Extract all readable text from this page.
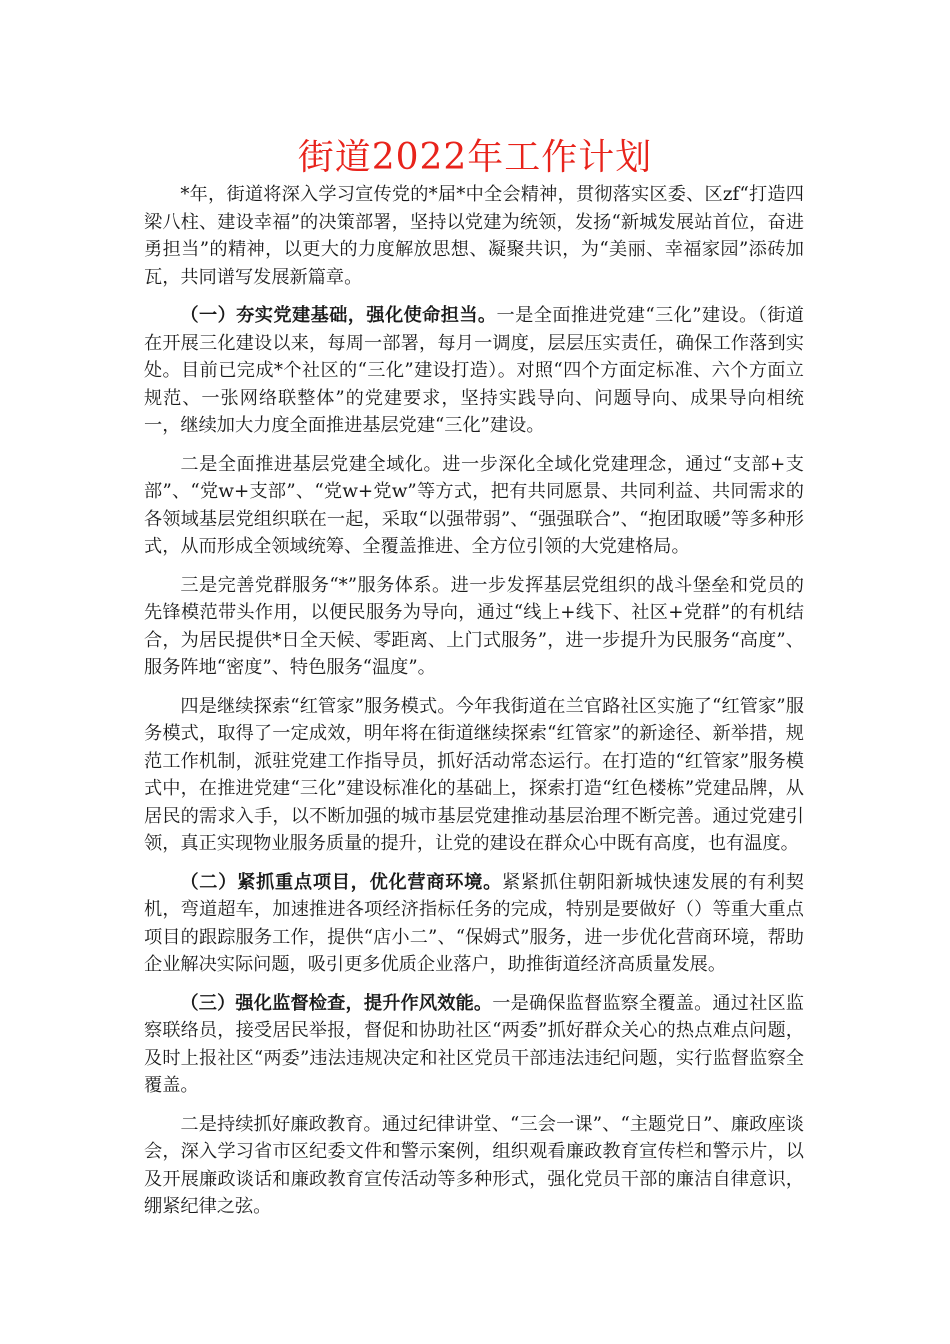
街道2022年工作计划

*年，街道将深入学习宣传党的*届*中全会精神，贯彻落实区委、区zf“打造四梁八柱、建设幸福”的决策部署，坚持以党建为统领，发扬“新城发展站首位，奋进勇担当”的精神，以更大的力度解放思想、凝聚共识，为“美丽、幸福家园”添砖加瓦，共同谱写发展新篇章。

（一）夯实党建基础，强化使命担当。一是全面推进党建“三化”建设。（街道在开展三化建设以来，每周一部署，每月一调度，层层压实责任，确保工作落到实处。目前已完成*个社区的“三化”建设打造）。对照“四个方面定标准、六个方面立规范、一张网络联整体”的党建要求，坚持实践导向、问题导向、成果导向相统一，继续加大力度全面推进基层党建“三化”建设。

二是全面推进基层党建全域化。进一步深化全域化党建理念，通过“支部+支部”、“党w+支部”、“党w+党w”等方式，把有共同愿景、共同利益、共同需求的各领域基层党组织联在一起，采取“以强带弱”、“强强联合”、“抱团取暖”等多种形式，从而形成全领域统筹、全覆盖推进、全方位引领的大党建格局。

三是完善党群服务“*”服务体系。进一步发挥基层党组织的战斗堡垒和党员的先锋模范带头作用，以便民服务为导向，通过“线上+线下、社区+党群”的有机结合，为居民提供*日全天候、零距离、上门式服务”，进一步提升为民服务“高度”、服务阵地“密度”、特色服务“温度”。

四是继续探索“红管家”服务模式。今年我街道在兰官路社区实施了“红管家”服务模式，取得了一定成效，明年将在街道继续探索“红管家”的新途径、新举措，规范工作机制，派驻党建工作指导员，抓好活动常态运行。在打造的“红管家”服务模式中，在推进党建“三化”建设标准化的基础上，探索打造“红色楼栋”党建品牌，从居民的需求入手，以不断加强的城市基层党建推动基层治理不断完善。通过党建引领，真正实现物业服务质量的提升，让党的建设在群众心中既有高度，也有温度。

（二）紧抓重点项目，优化营商环境。紧紧抓住朝阳新城快速发展的有利契机，弯道超车，加速推进各项经济指标任务的完成，特别是要做好（）等重大重点项目的跟踪服务工作，提供“店小二”、“保姆式”服务，进一步优化营商环境，帮助企业解决实际问题，吸引更多优质企业落户，助推街道经济高质量发展。

（三）强化监督检查，提升作风效能。一是确保监督监察全覆盖。通过社区监察联络员，接受居民举报，督促和协助社区“两委”抓好群众关心的热点难点问题，及时上报社区“两委”违法违规决定和社区党员干部违法违纪问题，实行监督监察全覆盖。

二是持续抓好廉政教育。通过纪律讲堂、“三会一课”、“主题党日”、廉政座谈会，深入学习省市区纪委文件和警示案例，组织观看廉政教育宣传栏和警示片，以及开展廉政谈话和廉政教育宣传活动等多种形式，强化党员干部的廉洁自律意识，绷紧纪律之弦。
